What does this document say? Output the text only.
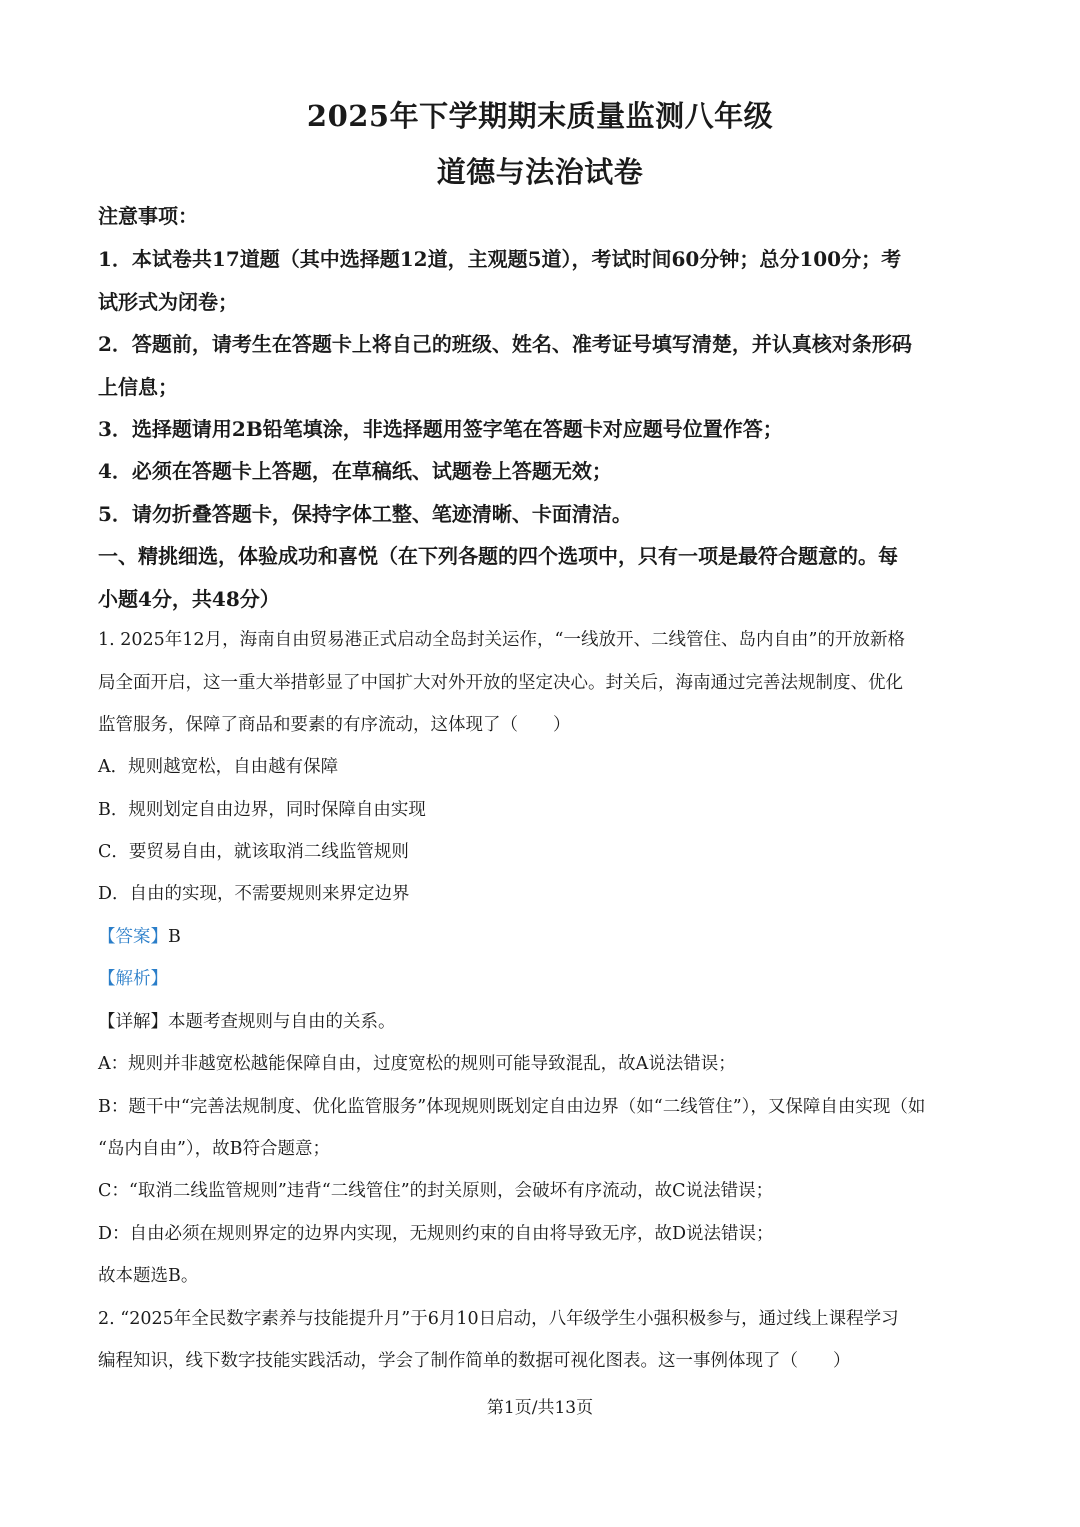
2025年下学期期末质量监测八年级
道德与法治试卷
注意事项：
1．本试卷共17道题（其中选择题12道，主观题5道），考试时间60分钟；总分100分；考
试形式为闭卷；
2．答题前，请考生在答题卡上将自己的班级、姓名、准考证号填写清楚，并认真核对条形码
上信息；
3．选择题请用2B铅笔填涂，非选择题用签字笔在答题卡对应题号位置作答；
4．必须在答题卡上答题，在草稿纸、试题卷上答题无效；
5．请勿折叠答题卡，保持字体工整、笔迹清晰、卡面清洁。
一、精挑细选，体验成功和喜悦（在下列各题的四个选项中，只有一项是最符合题意的。每
小题4分，共48分）
1. 2025年12月，海南自由贸易港正式启动全岛封关运作，“一线放开、二线管住、岛内自由”的开放新格
局全面开启，这一重大举措彰显了中国扩大对外开放的坚定决心。封关后，海南通过完善法规制度、优化
监管服务，保障了商品和要素的有序流动，这体现了（　　）
A．规则越宽松，自由越有保障
B．规则划定自由边界，同时保障自由实现
C．要贸易自由，就该取消二线监管规则
D．自由的实现，不需要规则来界定边界
【答案】B
【解析】
【详解】本题考查规则与自由的关系。
A：规则并非越宽松越能保障自由，过度宽松的规则可能导致混乱，故A说法错误；
B：题干中“完善法规制度、优化监管服务”体现规则既划定自由边界（如“二线管住”），又保障自由实现（如
“岛内自由”），故B符合题意；
C：“取消二线监管规则”违背“二线管住”的封关原则，会破坏有序流动，故C说法错误；
D：自由必须在规则界定的边界内实现，无规则约束的自由将导致无序，故D说法错误；
故本题选B。
2. “2025年全民数字素养与技能提升月”于6月10日启动，八年级学生小强积极参与，通过线上课程学习
编程知识，线下数字技能实践活动，学会了制作简单的数据可视化图表。这一事例体现了（　　）
第1页/共13页
